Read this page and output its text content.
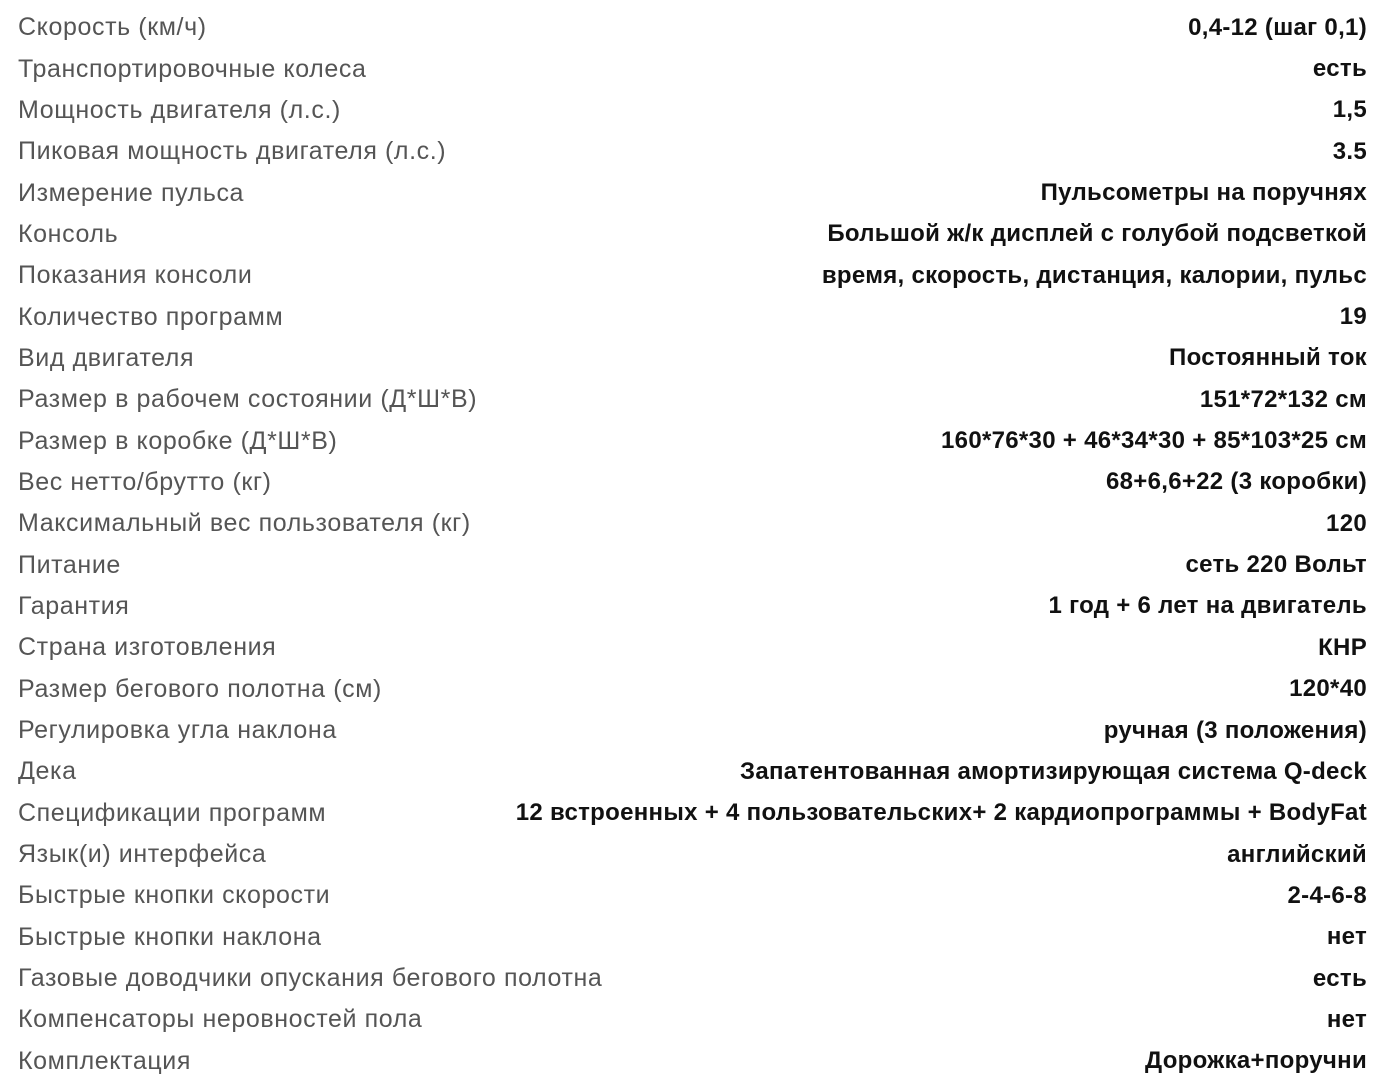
Скорость (км/ч)	0,4-12 (шаг 0,1)
Транспортировочные колеса	есть
Мощность двигателя (л.с.)	1,5
Пиковая мощность двигателя (л.с.)	3.5
Измерение пульса	Пульсометры на поручнях
Консоль	Большой ж/к дисплей с голубой подсветкой
Показания консоли	время, скорость, дистанция, калории, пульс
Количество программ	19
Вид двигателя	Постоянный ток
Размер в рабочем состоянии (Д*Ш*В)	151*72*132 см
Размер в коробке (Д*Ш*В)	160*76*30 + 46*34*30 + 85*103*25 см
Вес нетто/брутто (кг)	68+6,6+22 (3 коробки)
Максимальный вес пользователя (кг)	120
Питание	сеть 220 Вольт
Гарантия	1 год + 6 лет на двигатель
Страна изготовления	КНР
Размер бегового полотна (см)	120*40
Регулировка угла наклона	ручная (3 положения)
Дека	Запатентованная амортизирующая система Q-deck
Спецификации программ	12 встроенных + 4 пользовательских+ 2 кардиопрограммы + BodyFat
Язык(и) интерфейса	английский
Быстрые кнопки скорости	2-4-6-8
Быстрые кнопки наклона	нет
Газовые доводчики опускания бегового полотна	есть
Компенсаторы неровностей пола	нет
Комплектация	Дорожка+поручни
